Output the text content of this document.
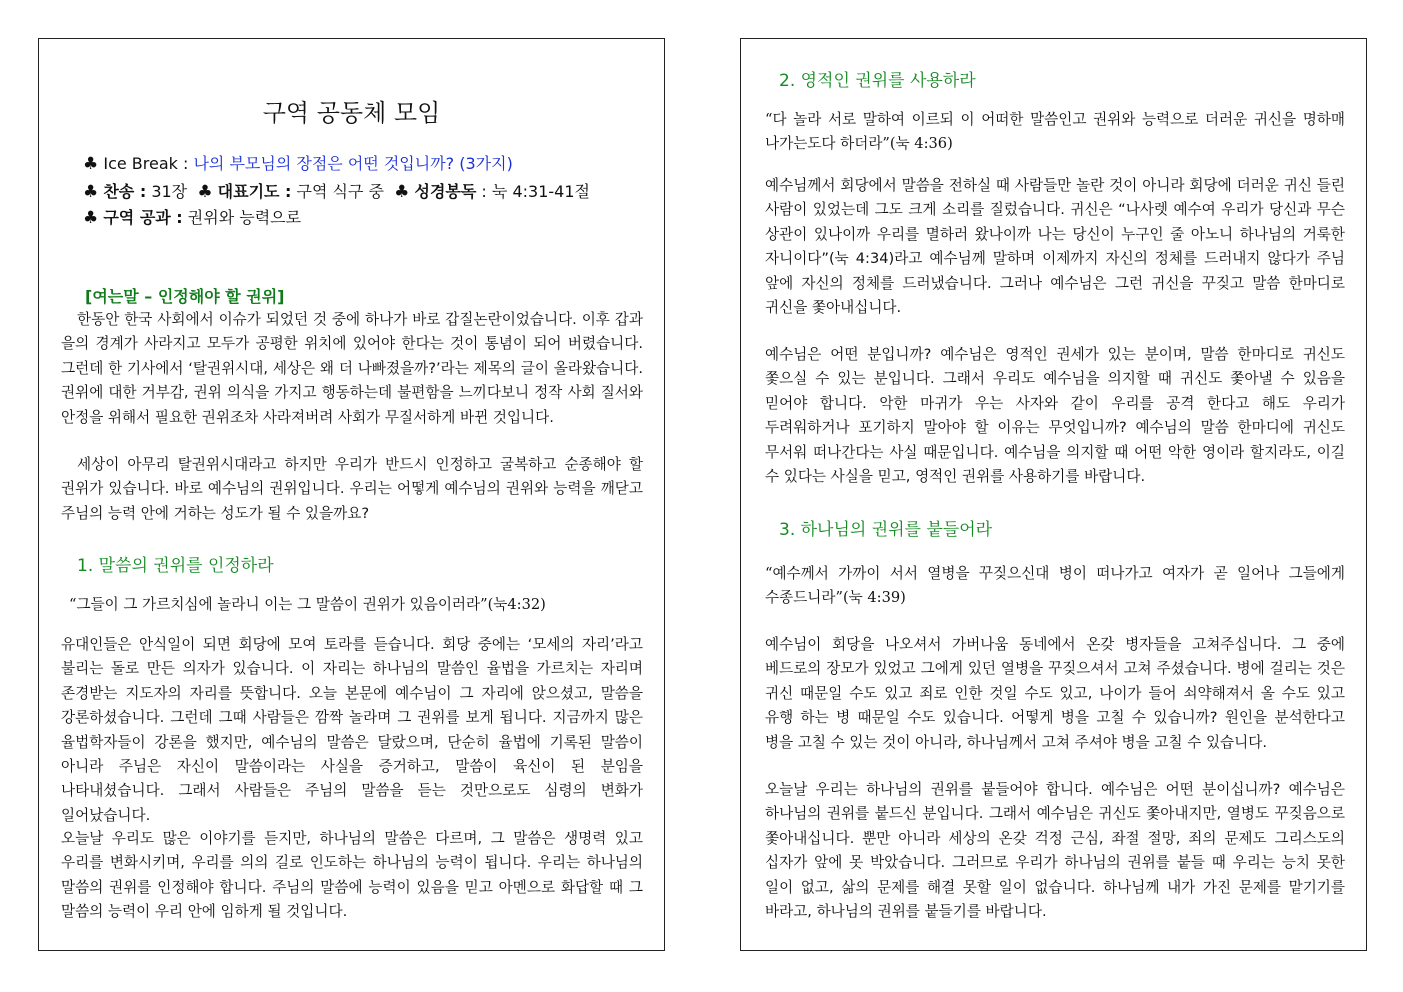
구역 공동체 모임
♣ Ice Break : 나의 부모님의 장점은 어떤 것입니까? (3가지)
♣ 찬송 : 31장 ♣ 대표기도 : 구역 식구 중 ♣ 성경봉독 : 눅 4:31-41절
♣ 구역 공과 : 권위와 능력으로
[여는말 – 인정해야 할 권위]

한동안 한국 사회에서 이슈가 되었던 것 중에 하나가 바로 갑질논란이었습니다. 이후 갑과 을의 경계가 사라지고 모두가 공평한 위치에 있어야 한다는 것이 통념이 되어 버렸습니다. 그런데 한 기사에서 ‘탈권위시대, 세상은 왜 더 나빠졌을까?’라는 제목의 글이 올라왔습니다. 권위에 대한 거부감, 권위 의식을 가지고 행동하는데 불편함을 느끼다보니 정작 사회 질서와 안정을 위해서 필요한 권위조차 사라져버려 사회가 무질서하게 바뀐 것입니다.

세상이 아무리 탈권위시대라고 하지만 우리가 반드시 인정하고 굴복하고 순종해야 할 권위가 있습니다. 바로 예수님의 권위입니다. 우리는 어떻게 예수님의 권위와 능력을 깨닫고 주님의 능력 안에 거하는 성도가 될 수 있을까요?

1. 말씀의 권위를 인정하라

“그들이 그 가르치심에 놀라니 이는 그 말씀이 권위가 있음이러라”(눅4:32)

유대인들은 안식일이 되면 회당에 모여 토라를 듣습니다. 회당 중에는 ‘모세의 자리’라고 불리는 돌로 만든 의자가 있습니다. 이 자리는 하나님의 말씀인 율법을 가르치는 자리며 존경받는 지도자의 자리를 뜻합니다. 오늘 본문에 예수님이 그 자리에 앉으셨고, 말씀을 강론하셨습니다. 그런데 그때 사람들은 깜짝 놀라며 그 권위를 보게 됩니다. 지금까지 많은 율법학자들이 강론을 했지만, 예수님의 말씀은 달랐으며, 단순히 율법에 기록된 말씀이 아니라 주님은 자신이 말씀이라는 사실을 증거하고, 말씀이 육신이 된 분임을 나타내셨습니다. 그래서 사람들은 주님의 말씀을 듣는 것만으로도 심령의 변화가 일어났습니다.

오늘날 우리도 많은 이야기를 듣지만, 하나님의 말씀은 다르며, 그 말씀은 생명력 있고 우리를 변화시키며, 우리를 의의 길로 인도하는 하나님의 능력이 됩니다. 우리는 하나님의 말씀의 권위를 인정해야 합니다. 주님의 말씀에 능력이 있음을 믿고 아멘으로 화답할 때 그 말씀의 능력이 우리 안에 임하게 될 것입니다.

2. 영적인 권위를 사용하라

“다 놀라 서로 말하여 이르되 이 어떠한 말씀인고 권위와 능력으로 더러운 귀신을 명하매 나가는도다 하더라”(눅 4:36)

예수님께서 회당에서 말씀을 전하실 때 사람들만 놀란 것이 아니라 회당에 더러운 귀신 들린 사람이 있었는데 그도 크게 소리를 질렀습니다. 귀신은 “나사렛 예수여 우리가 당신과 무슨 상관이 있나이까 우리를 멸하러 왔나이까 나는 당신이 누구인 줄 아노니 하나님의 거룩한 자니이다”(눅 4:34)라고 예수님께 말하며 이제까지 자신의 정체를 드러내지 않다가 주님 앞에 자신의 정체를 드러냈습니다. 그러나 예수님은 그런 귀신을 꾸짖고 말씀 한마디로 귀신을 쫓아내십니다.

예수님은 어떤 분입니까? 예수님은 영적인 권세가 있는 분이며, 말씀 한마디로 귀신도 쫓으실 수 있는 분입니다. 그래서 우리도 예수님을 의지할 때 귀신도 쫓아낼 수 있음을 믿어야 합니다. 악한 마귀가 우는 사자와 같이 우리를 공격 한다고 해도 우리가 두려워하거나 포기하지 말아야 할 이유는 무엇입니까? 예수님의 말씀 한마디에 귀신도 무서워 떠나간다는 사실 때문입니다. 예수님을 의지할 때 어떤 악한 영이라 할지라도, 이길 수 있다는 사실을 믿고, 영적인 권위를 사용하기를 바랍니다.

3. 하나님의 권위를 붙들어라

“예수께서 가까이 서서 열병을 꾸짖으신대 병이 떠나가고 여자가 곧 일어나 그들에게 수종드니라”(눅 4:39)

예수님이 회당을 나오셔서 가버나움 동네에서 온갖 병자들을 고쳐주십니다. 그 중에 베드로의 장모가 있었고 그에게 있던 열병을 꾸짖으셔서 고쳐 주셨습니다. 병에 걸리는 것은 귀신 때문일 수도 있고 죄로 인한 것일 수도 있고, 나이가 들어 쇠약해져서 올 수도 있고 유행 하는 병 때문일 수도 있습니다. 어떻게 병을 고칠 수 있습니까? 원인을 분석한다고 병을 고칠 수 있는 것이 아니라, 하나님께서 고쳐 주셔야 병을 고칠 수 있습니다.

오늘날 우리는 하나님의 권위를 붙들어야 합니다. 예수님은 어떤 분이십니까? 예수님은 하나님의 권위를 붙드신 분입니다. 그래서 예수님은 귀신도 쫓아내지만, 열병도 꾸짖음으로 쫓아내십니다. 뿐만 아니라 세상의 온갖 걱정 근심, 좌절 절망, 죄의 문제도 그리스도의 십자가 앞에 못 박았습니다. 그러므로 우리가 하나님의 권위를 붙들 때 우리는 능치 못한 일이 없고, 삶의 문제를 해결 못할 일이 없습니다. 하나님께 내가 가진 문제를 맡기기를 바라고, 하나님의 권위를 붙들기를 바랍니다.
